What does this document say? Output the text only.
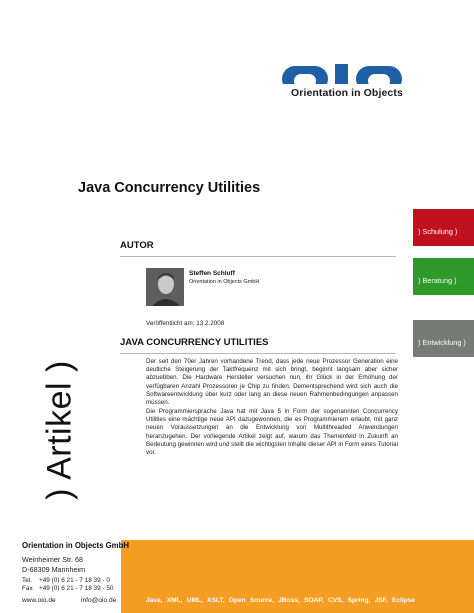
Orientation in Objects
Java Concurrency Utilities
) Schulung )
) Beratung )
) Entwicklung )
) Artikel )
AUTOR
Steffen Schluff
Orientation in Objects GmbH
Veröffentlicht am: 13.2.2008
JAVA CONCURRENCY UTILITIES
Der seit den 70er Jahren vorhandene Trend, dass jede neue Prozessor Generation eine deutliche Steigerung der Taktfrequenz mit sich bringt, beginnt langsam aber sicher abzuebben. Die Hardware Hersteller versuchen nun, ihr Glück in der Erhöhung der verfügbaren Anzahl Prozessoren je Chip zu finden. Dementsprechend wird sich auch die Softwareentwicklung über kurz oder lang an diese neuen Rahmenbedingungen anpassen müssen.
Die Programmiersprache Java hat mit Java 5 in Form der sogenannten Concurrency Utilities eine mächtige neue API dazugewonnen, die es Programmierern erlaubt, mit ganz neuen Voraussetzungen an die Entwicklung von Multithreaded Anwendungen heranzugehen. Der vorliegende Artikel zeigt auf, warum das Themenfeld in Zukunft an Bedeutung gewinnen wird und stellt die wichtigsten Inhalte dieser API in Form eines Tutorial vor.
Orientation in Objects GmbH
Weinheimer Str. 68
D-68309 Mannheim
Tel. +49 (0) 6 21 - 7 18 39 - 0
Fax +49 (0) 6 21 - 7 18 39 - 50
www.oio.de	info@oio.de	Java, XML, UML, XSLT, Open Source, JBoss, SOAP, CVS, Spring, JSF, Eclipse
